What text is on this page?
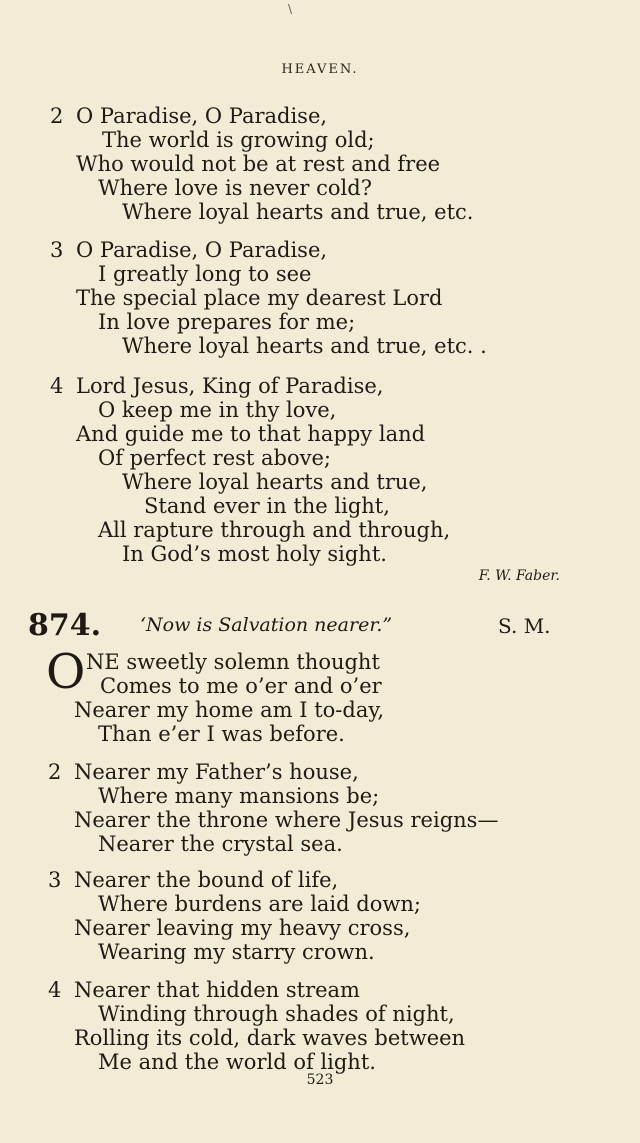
\
HEAVEN.
2 O Paradise, O Paradise,
The world is growing old;
Who would not be at rest and free
Where love is never cold?
Where loyal hearts and true, etc.
3 O Paradise, O Paradise,
I greatly long to see
The special place my dearest Lord
In love prepares for me;
Where loyal hearts and true, etc. .
4 Lord Jesus, King of Paradise,
O keep me in thy love,
And guide me to that happy land
Of perfect rest above;
Where loyal hearts and true,
Stand ever in the light,
All rapture through and through,
In God’s most holy sight.
F. W. Faber.
874. ‘Now is Salvation nearer.”	S. M.
O NE sweetly solemn thought
Comes to me o’er and o’er
Nearer my home am I to-day,
Than e’er I was before.
2 Nearer my Father’s house,
Where many mansions be;
Nearer the throne where Jesus reigns—
Nearer the crystal sea.
3 Nearer the bound of life,
Where burdens are laid down;
Nearer leaving my heavy cross,
Wearing my starry crown.
4 Nearer that hidden stream
Winding through shades of night,
Rolling its cold, dark waves between
Me and the world of light.
523
